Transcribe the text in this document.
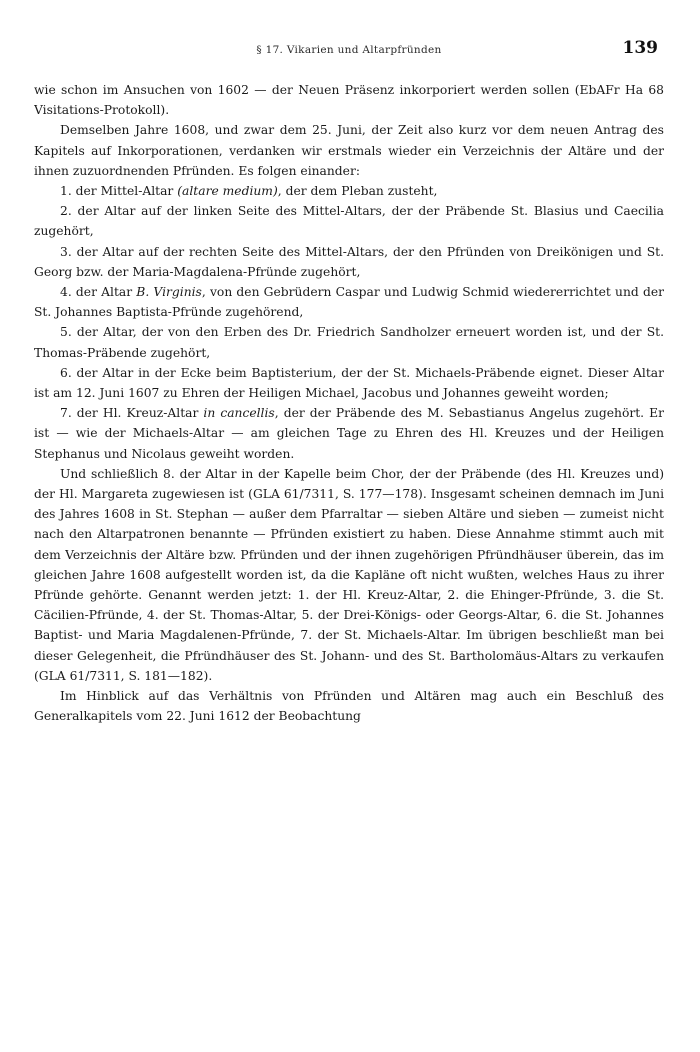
§ 17. Vikarien und Altarpfründen	139

wie schon im Ansuchen von 1602 — der Neuen Präsenz inkorporiert werden sollen (EbAFr Ha 68 Visitations-Protokoll).

Demselben Jahre 1608, und zwar dem 25. Juni, der Zeit also kurz vor dem neuen Antrag des Kapitels auf Inkorporationen, verdanken wir erstmals wieder ein Verzeichnis der Altäre und der ihnen zuzuordnenden Pfründen. Es folgen einander:

1. der Mittel-Altar (altare medium), der dem Pleban zusteht,

2. der Altar auf der linken Seite des Mittel-Altars, der der Präbende St. Blasius und Caecilia zugehört,

3. der Altar auf der rechten Seite des Mittel-Altars, der den Pfründen von Dreikönigen und St. Georg bzw. der Maria-Magdalena-Pfründe zugehört,

4. der Altar B. Virginis, von den Gebrüdern Caspar und Ludwig Schmid wiedererrichtet und der St. Johannes Baptista-Pfründe zugehörend,

5. der Altar, der von den Erben des Dr. Friedrich Sandholzer erneuert worden ist, und der St. Thomas-Präbende zugehört,

6. der Altar in der Ecke beim Baptisterium, der der St. Michaels-Präbende eignet. Dieser Altar ist am 12. Juni 1607 zu Ehren der Heiligen Michael, Jacobus und Johannes geweiht worden;

7. der Hl. Kreuz-Altar in cancellis, der der Präbende des M. Sebastianus Angelus zugehört. Er ist — wie der Michaels-Altar — am gleichen Tage zu Ehren des Hl. Kreuzes und der Heiligen Stephanus und Nicolaus geweiht worden.

Und schließlich 8. der Altar in der Kapelle beim Chor, der der Präbende (des Hl. Kreuzes und) der Hl. Margareta zugewiesen ist (GLA 61/7311, S. 177—178). Insgesamt scheinen demnach im Juni des Jahres 1608 in St. Stephan — außer dem Pfarraltar — sieben Altäre und sieben — zumeist nicht nach den Altarpatronen benannte — Pfründen existiert zu haben. Diese Annahme stimmt auch mit dem Verzeichnis der Altäre bzw. Pfründen und der ihnen zugehörigen Pfründhäuser überein, das im gleichen Jahre 1608 aufgestellt worden ist, da die Kapläne oft nicht wußten, welches Haus zu ihrer Pfründe gehörte. Genannt werden jetzt: 1. der Hl. Kreuz-Altar, 2. die Ehinger-Pfründe, 3. die St. Cäcilien-Pfründe, 4. der St. Thomas-Altar, 5. der Drei-Königs- oder Georgs-Altar, 6. die St. Johannes Baptist- und Maria Magdalenen-Pfründe, 7. der St. Michaels-Altar. Im übrigen beschließt man bei dieser Gelegenheit, die Pfründhäuser des St. Johann- und des St. Bartholomäus-Altars zu verkaufen (GLA 61/7311, S. 181—182).

Im Hinblick auf das Verhältnis von Pfründen und Altären mag auch ein Beschluß des Generalkapitels vom 22. Juni 1612 der Beobachtung
